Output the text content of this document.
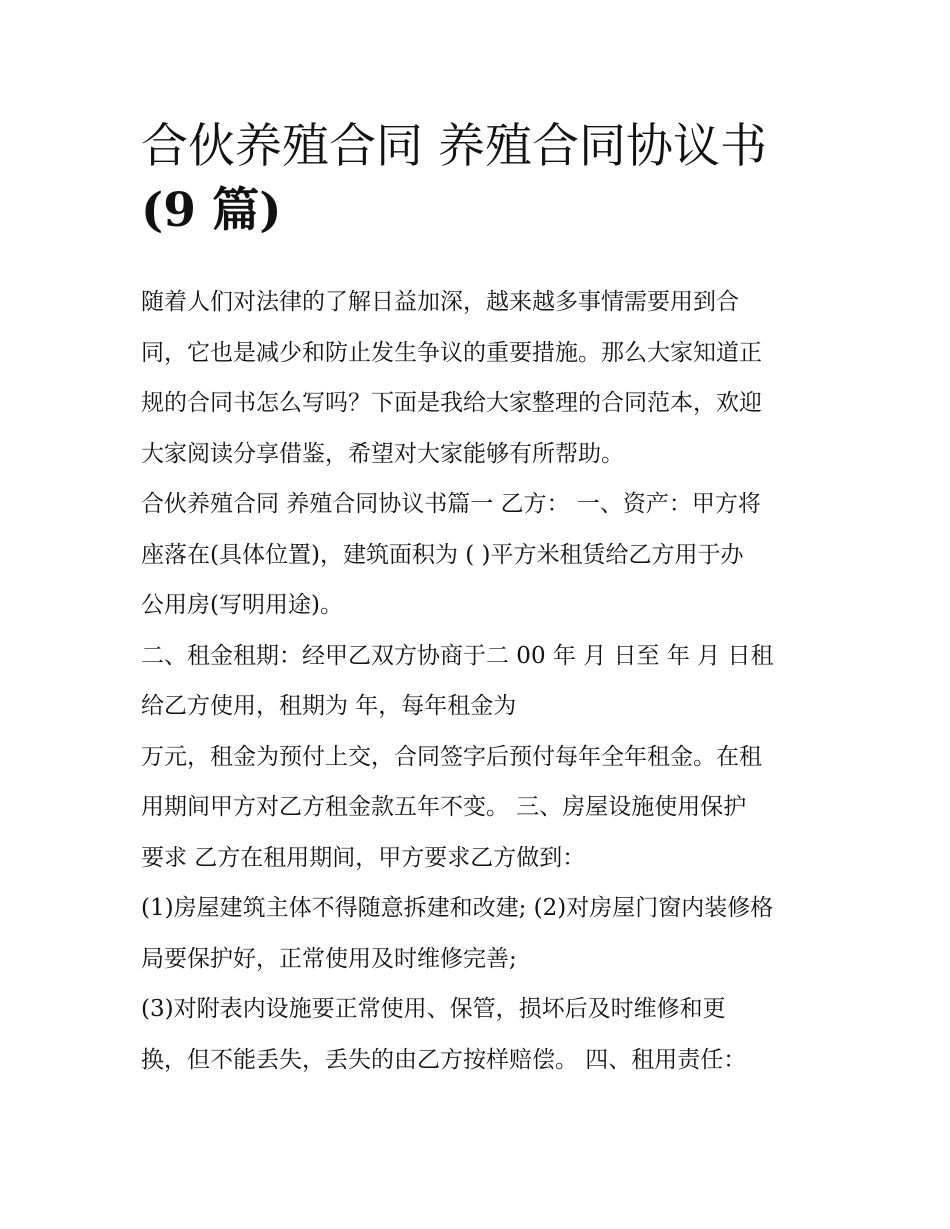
合伙养殖合同 养殖合同协议书
(9 篇)

随着人们对法律的了解日益加深，越来越多事情需要用到合
同，它也是减少和防止发生争议的重要措施。那么大家知道正
规的合同书怎么写吗？下面是我给大家整理的合同范本，欢迎
大家阅读分享借鉴，希望对大家能够有所帮助。

合伙养殖合同 养殖合同协议书篇一 乙方： 一、资产：甲方将
座落在(具体位置)，建筑面积为 ( )平方米租赁给乙方用于办
公用房(写明用途)。

二、租金租期：经甲乙双方协商于二 00 年 月 日至 年 月 日租
给乙方使用，租期为 年，每年租金为

万元，租金为预付上交，合同签字后预付每年全年租金。在租
用期间甲方对乙方租金款五年不变。 三、房屋设施使用保护
要求 乙方在租用期间，甲方要求乙方做到：

(1)房屋建筑主体不得随意拆建和改建; (2)对房屋门窗内装修格
局要保护好，正常使用及时维修完善;

(3)对附表内设施要正常使用、保管，损坏后及时维修和更
换，但不能丢失，丢失的由乙方按样赔偿。 四、租用责任：
